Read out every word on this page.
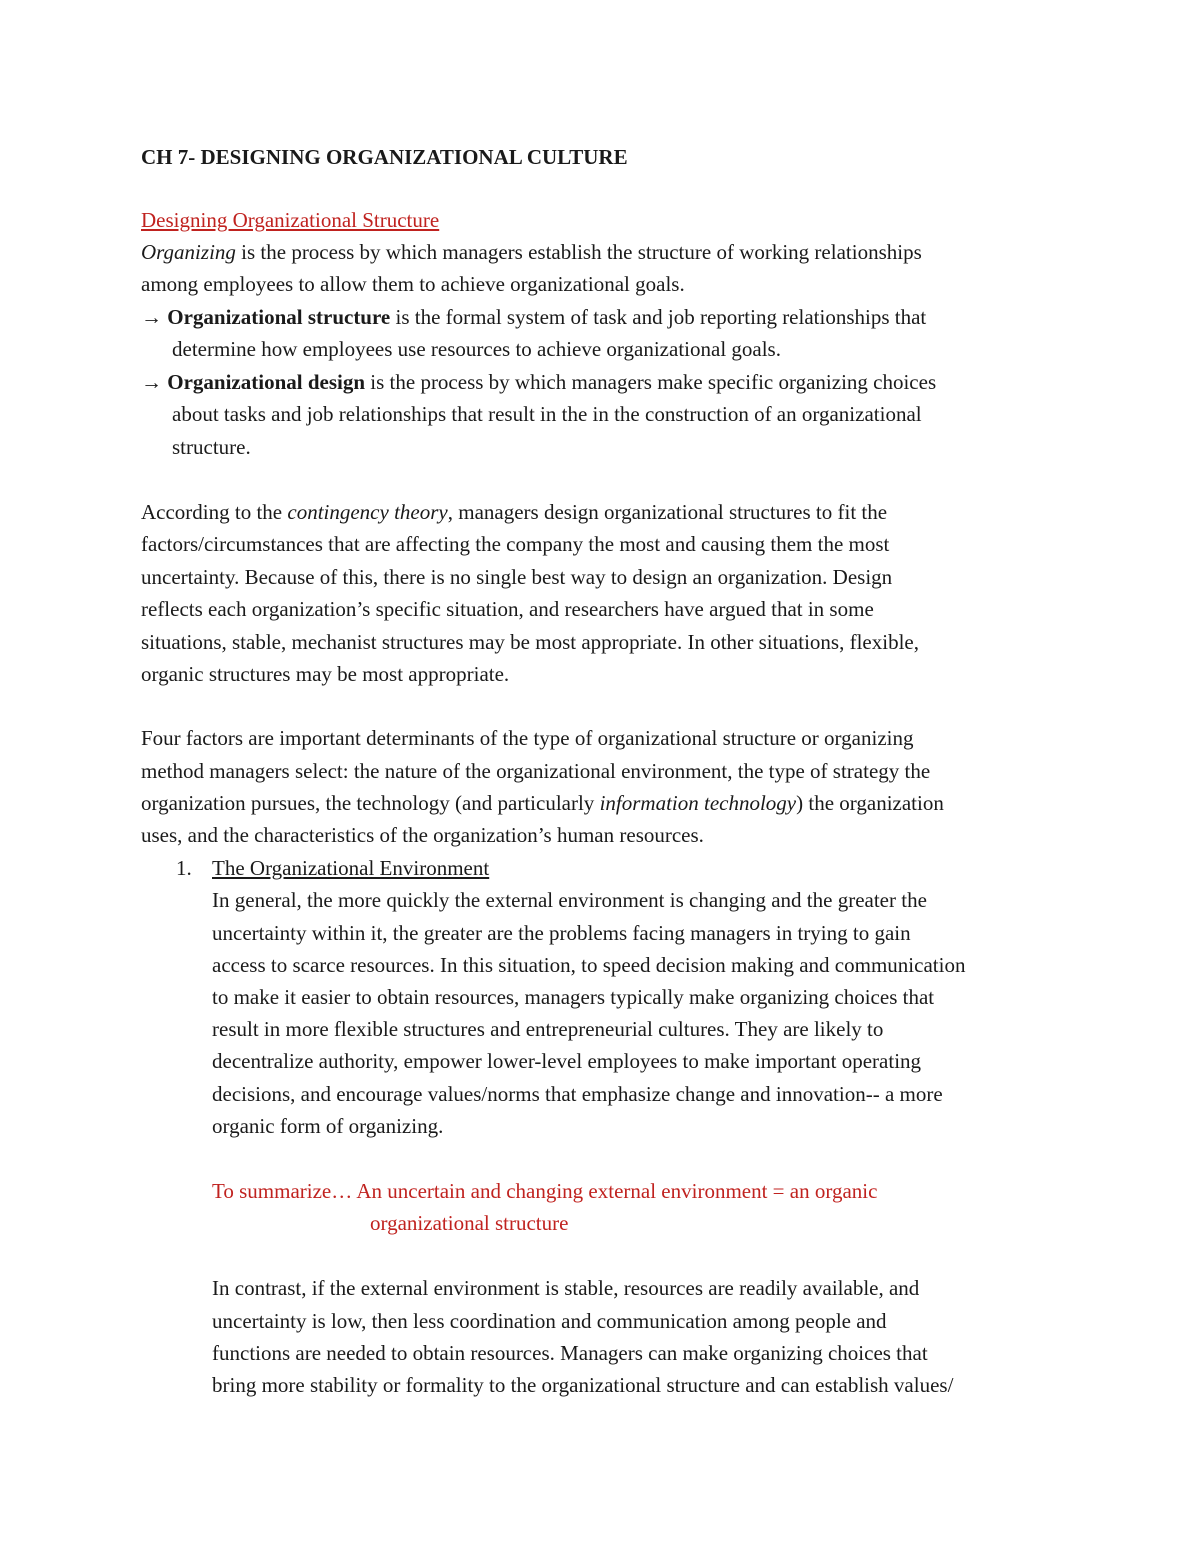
CH 7- DESIGNING ORGANIZATIONAL CULTURE
Designing Organizational Structure
Organizing is the process by which managers establish the structure of working relationships
among employees to allow them to achieve organizational goals.
→ Organizational structure is the formal system of task and job reporting relationships that
determine how employees use resources to achieve organizational goals.
→ Organizational design is the process by which managers make specific organizing choices
about tasks and job relationships that result in the in the construction of an organizational
structure.
According to the contingency theory, managers design organizational structures to fit the
factors/circumstances that are affecting the company the most and causing them the most
uncertainty. Because of this, there is no single best way to design an organization. Design
reflects each organization’s specific situation, and researchers have argued that in some
situations, stable, mechanist structures may be most appropriate. In other situations, flexible,
organic structures may be most appropriate.
Four factors are important determinants of the type of organizational structure or organizing
method managers select: the nature of the organizational environment, the type of strategy the
organization pursues, the technology (and particularly information technology) the organization
uses, and the characteristics of the organization’s human resources.
1. The Organizational Environment
In general, the more quickly the external environment is changing and the greater the
uncertainty within it, the greater are the problems facing managers in trying to gain
access to scarce resources. In this situation, to speed decision making and communication
to make it easier to obtain resources, managers typically make organizing choices that
result in more flexible structures and entrepreneurial cultures. They are likely to
decentralize authority, empower lower-level employees to make important operating
decisions, and encourage values/norms that emphasize change and innovation-- a more
organic form of organizing.
To summarize… An uncertain and changing external environment = an organic
organizational structure
In contrast, if the external environment is stable, resources are readily available, and
uncertainty is low, then less coordination and communication among people and
functions are needed to obtain resources. Managers can make organizing choices that
bring more stability or formality to the organizational structure and can establish values/
